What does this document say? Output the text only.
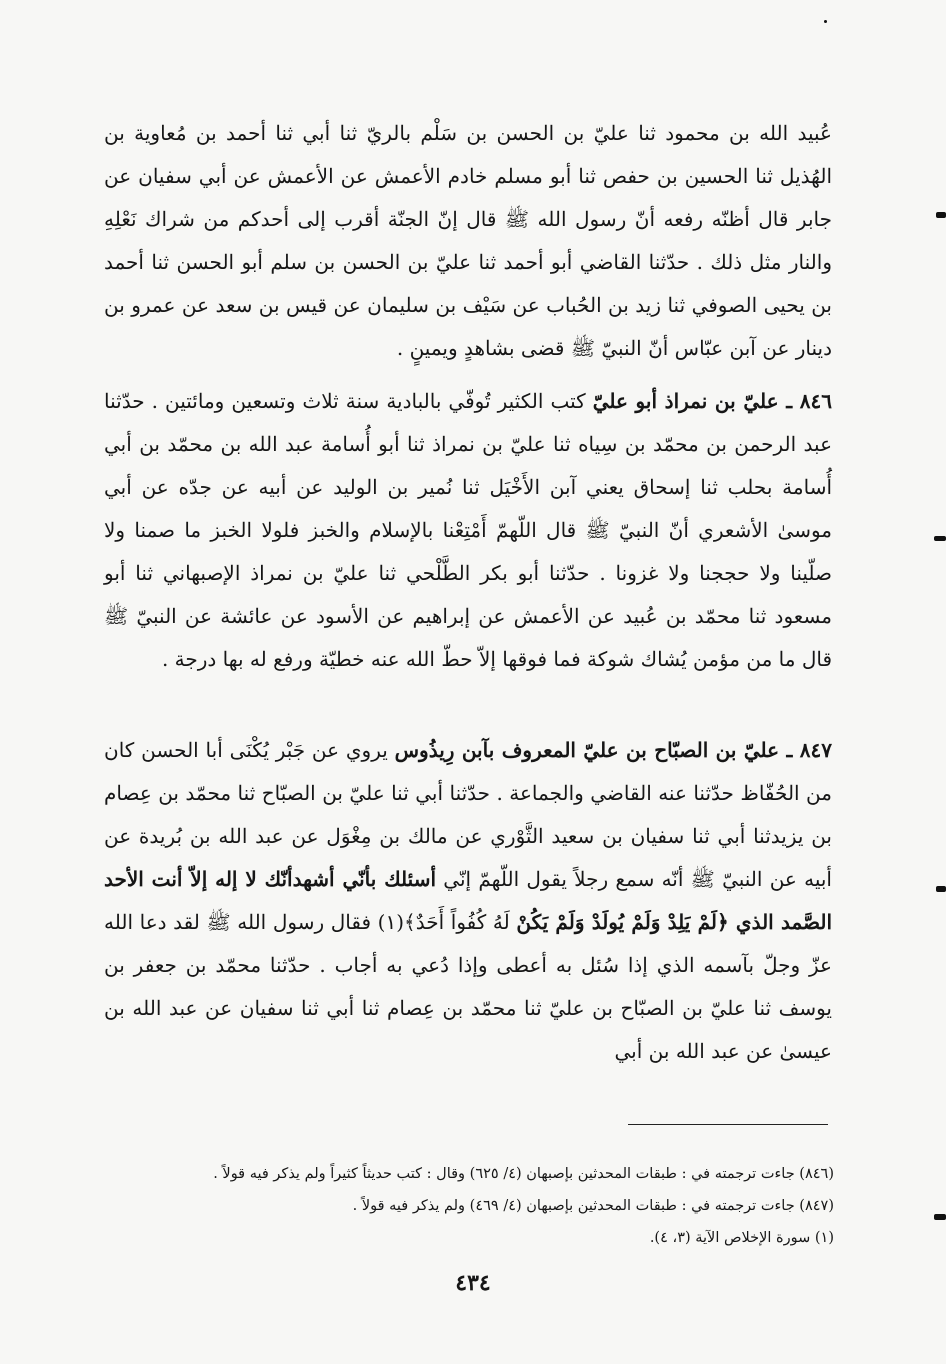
عُبيد الله بن محمود ثنا عليّ بن الحسن بن سَلْم بالريّ ثنا أبي ثنا أحمد بن مُعاوية بن الهُذيل ثنا الحسين بن حفص ثنا أبو مسلم خادم الأعمش عن الأعمش عن أبي سفيان عن جابر قال أظنّه رفعه أنّ رسول الله ﷺ قال إنّ الجنّة أقرب إلى أحدكم من شراك نَعْلِهِ والنار مثل ذلك . حدّثنا القاضي أبو أحمد ثنا عليّ بن الحسن بن سلم أبو الحسن ثنا أحمد بن يحيى الصوفي ثنا زيد بن الحُباب عن سَيْف بن سليمان عن قيس بن سعد عن عمرو بن دينار عن آبن عبّاس أنّ النبيّ ﷺ قضى بشاهدٍ ويمينٍ .

٨٤٦ ـ عليّ بن نمراذ أبو عليّ كتب الكثير تُوفّي بالبادية سنة ثلاث وتسعين ومائتين . حدّثنا عبد الرحمن بن محمّد بن سِياه ثنا عليّ بن نمراذ ثنا أبو أُسامة عبد الله بن محمّد بن أبي أُسامة بحلب ثنا إسحاق يعني آبن الأَخْيَل ثنا نُمير بن الوليد عن أبيه عن جدّه عن أبي موسىٰ الأشعري أنّ النبيّ ﷺ قال اللّهمّ أَمْتِعْنا بالإسلام والخبز فلولا الخبز ما صمنا ولا صلّينا ولا حججنا ولا غزونا . حدّثنا أبو بكر الطَّلْحي ثنا عليّ بن نمراذ الإصبهاني ثنا أبو مسعود ثنا محمّد بن عُبيد عن الأعمش عن إبراهيم عن الأسود عن عائشة عن النبيّ ﷺ قال ما من مؤمن يُشاك شوكة فما فوقها إلاّ حطّ الله عنه خطيّة ورفع له بها درجة .

٨٤٧ ـ عليّ بن الصبّاح بن عليّ المعروف بآبن رِيذُوس يروي عن جَبْر يُكْنَى أبا الحسن كان من الحُفّاظ حدّثنا عنه القاضي والجماعة . حدّثنا أبي ثنا عليّ بن الصبّاح ثنا محمّد بن عِصام بن يزيدثنا أبي ثنا سفيان بن سعيد الثَّوْري عن مالك بن مِغْوَل عن عبد الله بن بُريدة عن أبيه عن النبيّ ﷺ أنّه سمع رجلاً يقول اللّهمّ إنّي أسئلك بأنّي أشهدأنّك لا إله إلاّ أنت الأحد الصَّمد الذي ﴿لَمْ يَلِدْ وَلَمْ يُولَدْ وَلَمْ يَكُنْ لَهُ كُفُواً أَحَدٌ﴾(١) فقال رسول الله ﷺ لقد دعا الله عزّ وجلّ بآسمه الذي إذا سُئل به أعطى وإذا دُعي به أجاب . حدّثنا محمّد بن جعفر بن يوسف ثنا عليّ بن الصبّاح بن عليّ ثنا محمّد بن عِصام ثنا أبي ثنا سفيان عن عبد الله بن عيسىٰ عن عبد الله بن أبي

(٨٤٦) جاءت ترجمته في : طبقات المحدثين بإصبهان (٤/ ٦٢٥) وقال : كتب حديثاً كثيراً ولم يذكر فيه قولاً .

(٨٤٧) جاءت ترجمته في : طبقات المحدثين بإصبهان (٤/ ٤٦٩) ولم يذكر فيه قولاً .

(١) سورة الإخلاص الآية (٣، ٤).

٤٣٤
